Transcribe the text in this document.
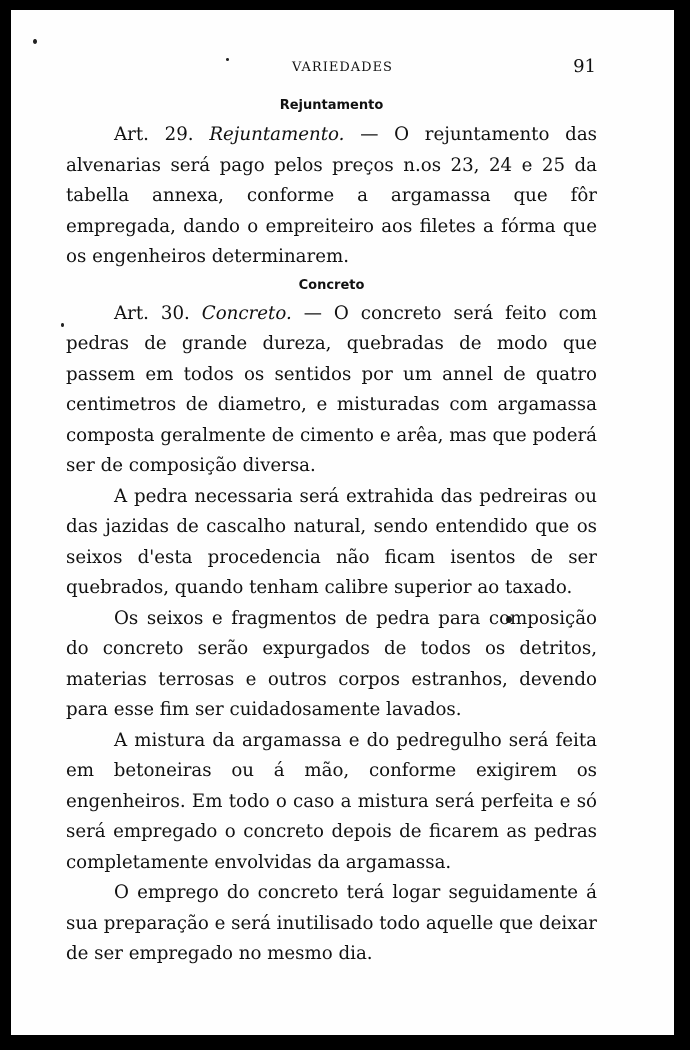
VARIEDADES	91
Rejuntamento

Art. 29. Rejuntamento. — O rejuntamento das alvenarias será pago pelos preços n.os 23, 24 e 25 da tabella annexa, conforme a argamassa que fôr empregada, dando o empreiteiro aos filetes a fórma que os engenheiros determinarem.

Concreto

Art. 30. Concreto. — O concreto será feito com pedras de grande dureza, quebradas de modo que passem em todos os sentidos por um annel de quatro centimetros de diametro, e misturadas com argamassa composta geralmente de cimento e arêa, mas que poderá ser de composição diversa.

A pedra necessaria será extrahida das pedreiras ou das jazidas de cascalho natural, sendo entendido que os seixos d'esta procedencia não ficam isentos de ser quebrados, quando tenham calibre superior ao taxado.

Os seixos e fragmentos de pedra para composição do concreto serão expurgados de todos os detritos, materias terrosas e outros corpos estranhos, devendo para esse fim ser cuidadosamente lavados.

A mistura da argamassa e do pedregulho será feita em betoneiras ou á mão, conforme exigirem os engenheiros. Em todo o caso a mistura será perfeita e só será empregado o concreto depois de ficarem as pedras completamente envolvidas da argamassa.

O emprego do concreto terá logar seguidamente á sua preparação e será inutilisado todo aquelle que deixar de ser empregado no mesmo dia.
